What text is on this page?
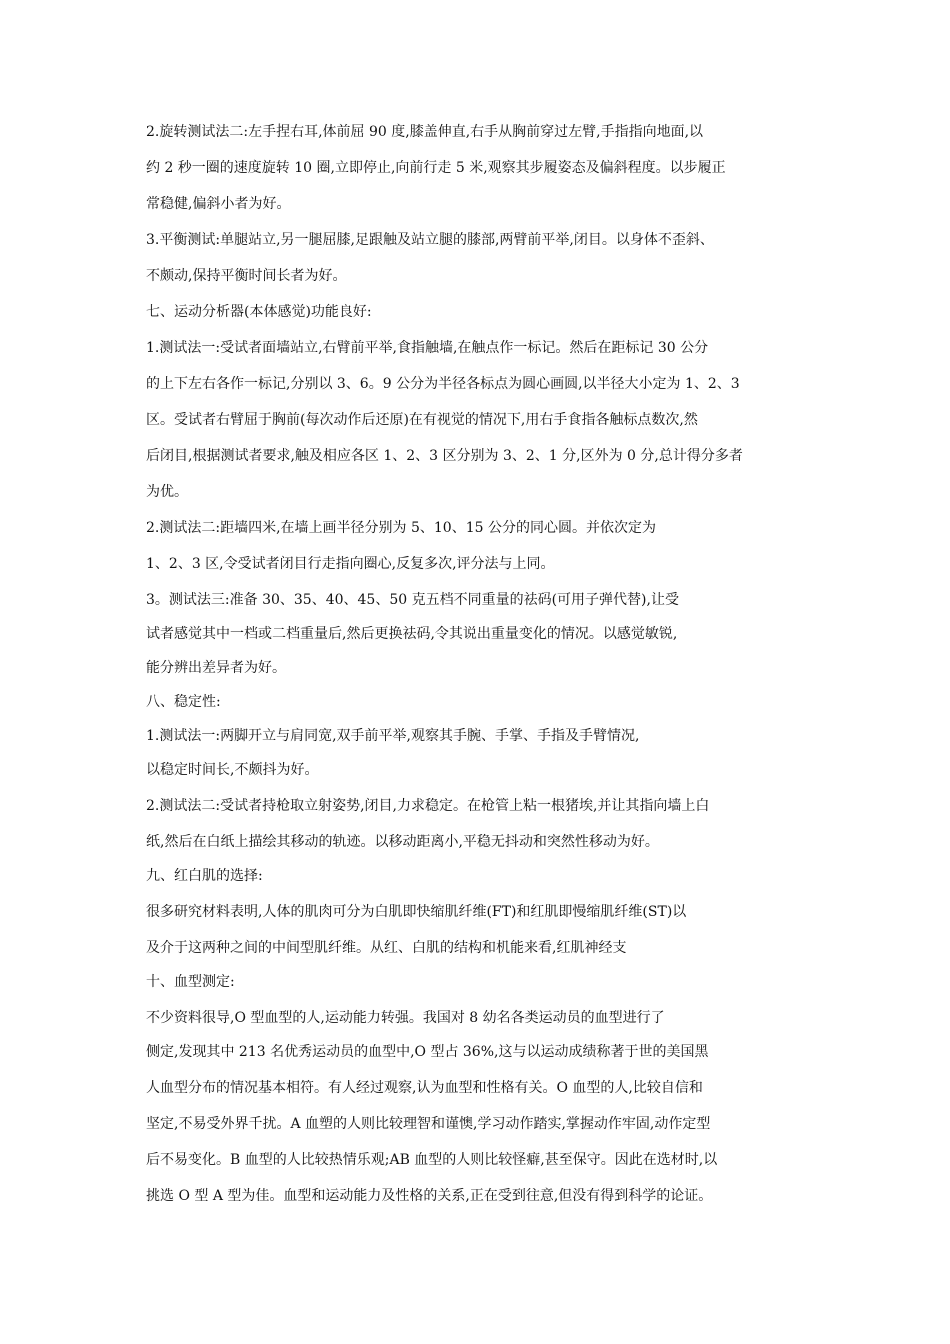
2.旋转测试法二:左手捏右耳,体前屈 90 度,膝盖伸直,右手从胸前穿过左臂,手指指向地面,以
约 2 秒一圈的速度旋转 10 圈,立即停止,向前行走 5 米,观察其步履姿态及偏斜程度。以步履正
常稳健,偏斜小者为好。
3.平衡测试:单腿站立,另一腿屈膝,足跟触及站立腿的膝部,两臂前平举,闭目。以身体不歪斜、
不颇动,保持平衡时间长者为好。
七、运动分析器(本体感觉)功能良好:
1.测试法一:受试者面墙站立,右臂前平举,食指触墙,在触点作一标记。然后在距标记 30 公分
的上下左右各作一标记,分别以 3、6。9 公分为半径各标点为圆心画圆,以半径大小定为 1、2、3
区。受试者右臂屈于胸前(每次动作后还原)在有视觉的情况下,用右手食指各触标点数次,然
后闭目,根据测试者要求,触及相应各区 1、2、3 区分别为 3、2、1 分,区外为 0 分,总计得分多者
为优。
2.测试法二:距墙四米,在墙上画半径分别为 5、10、15 公分的同心圆。并依次定为
1、2、3 区,令受试者闭目行走指向圈心,反复多次,评分法与上同。
3。测试法三:准备 30、35、40、45、50 克五档不同重量的祛码(可用子弹代替),让受
试者感觉其中一档或二档重量后,然后更换祛码,令其说出重量变化的情况。以感觉敏锐,
能分辨出差异者为好。
八、稳定性:
1.测试法一:两脚开立与肩同宽,双手前平举,观察其手腕、手掌、手指及手臂情况,
以稳定时间长,不颇抖为好。
2.测试法二:受试者持枪取立射姿势,闭目,力求稳定。在枪管上粘一根猪埃,并让其指向墙上白
纸,然后在白纸上描绘其移动的轨迹。以移动距离小,平稳无抖动和突然性移动为好。
九、红白肌的选择:
很多研究材料表明,人体的肌肉可分为白肌即快缩肌纤维(FT)和红肌即慢缩肌纤维(ST)以
及介于这两种之间的中间型肌纤维。从红、白肌的结构和机能来看,红肌神经支
十、血型测定:
不少资料很导,O 型血型的人,运动能力转强。我国对 8 幼名各类运动员的血型进行了
侧定,发现其中 213 名优秀运动员的血型中,O 型占 36%,这与以运动成绩称著于世的美国黑
人血型分布的情况基本相符。有人经过观察,认为血型和性格有关。O 血型的人,比较自信和
坚定,不易受外界千扰。A 血塑的人则比较理智和谨懊,学习动作踏实,掌握动作牢固,动作定型
后不易变化。B 血型的人比较热情乐观;AB 血型的人则比较怪癖,甚至保守。因此在选材时,以
挑选 O 型 A 型为佳。血型和运动能力及性格的关系,正在受到往意,但没有得到科学的论证。
